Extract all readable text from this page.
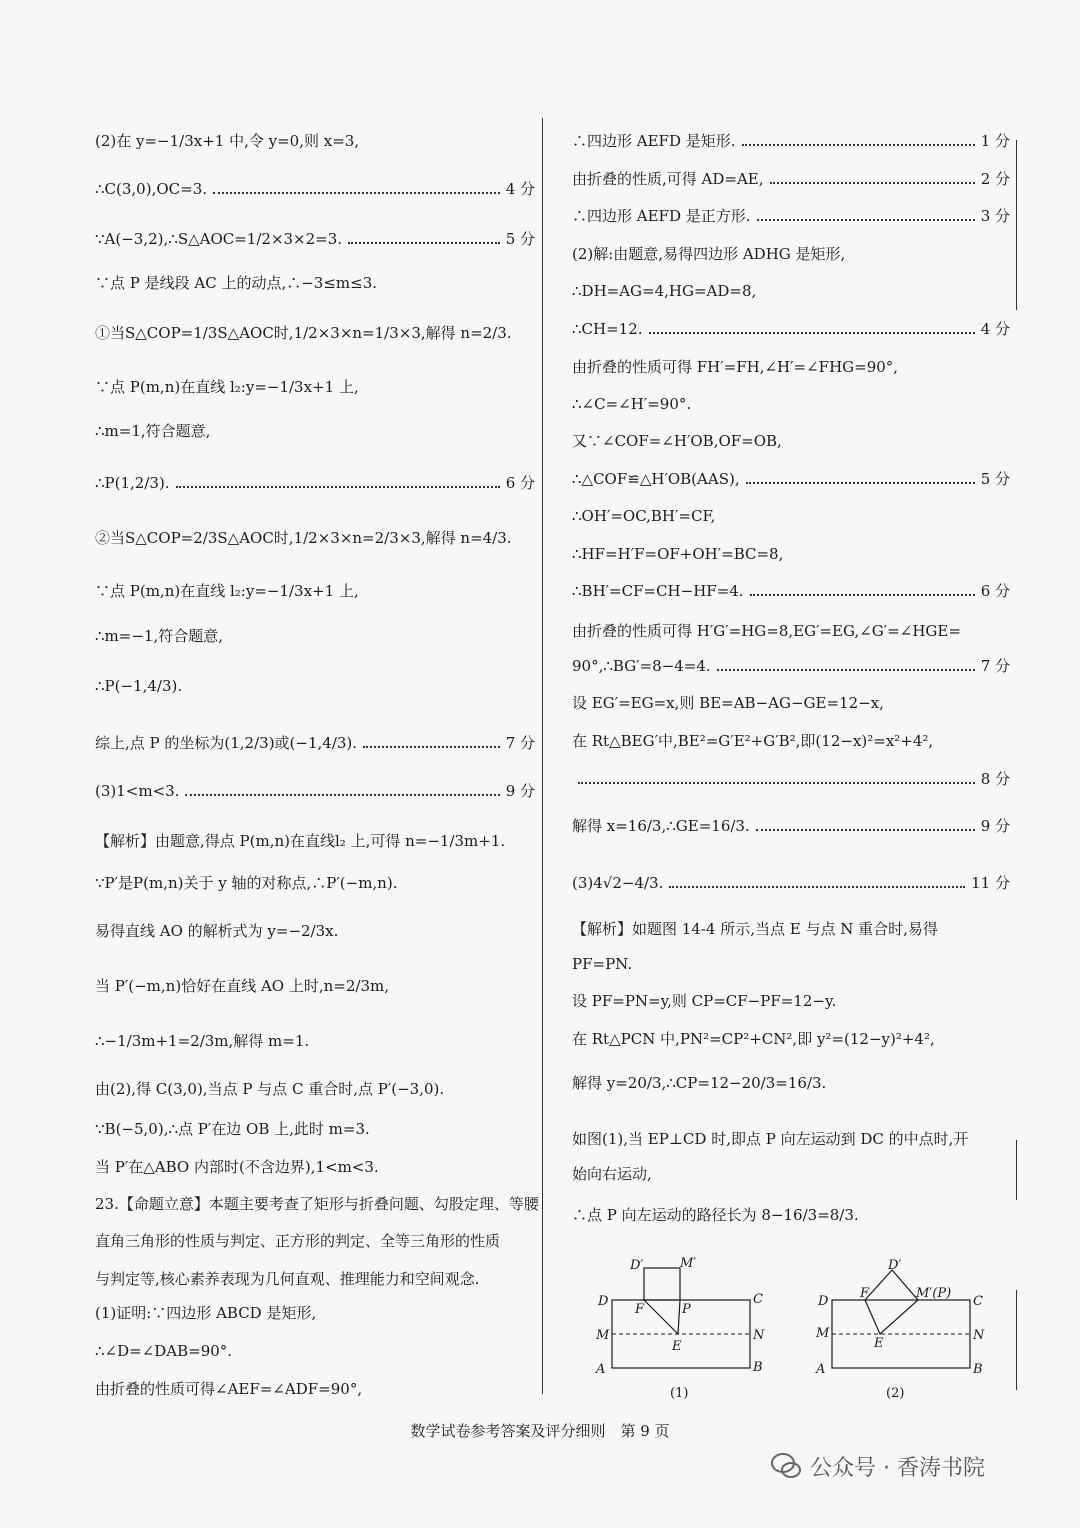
(2)在 y=−1/3x+1 中,令 y=0,则 x=3,
∴C(3,0),OC=3.	4 分
∵A(−3,2),∴S△AOC=1/2×3×2=3.	5 分
∵点 P 是线段 AC 上的动点,∴−3≤m≤3.
①当S△COP=1/3S△AOC时,1/2×3×n=1/3×3,解得 n=2/3.
∵点 P(m,n)在直线 l₂:y=−1/3x+1 上,
∴m=1,符合题意,
∴P(1,2/3).	6 分
②当S△COP=2/3S△AOC时,1/2×3×n=2/3×3,解得 n=4/3.
∵点 P(m,n)在直线 l₂:y=−1/3x+1 上,
∴m=−1,符合题意,
∴P(−1,4/3).
综上,点 P 的坐标为(1,2/3)或(−1,4/3).	7 分
(3)1<m<3.	9 分
【解析】由题意,得点 P(m,n)在直线l₂ 上,可得 n=−1/3m+1.
∵P′是P(m,n)关于 y 轴的对称点,∴P′(−m,n).
易得直线 AO 的解析式为 y=−2/3x.
当 P′(−m,n)恰好在直线 AO 上时,n=2/3m,
∴−1/3m+1=2/3m,解得 m=1.
由(2),得 C(3,0),当点 P 与点 C 重合时,点 P′(−3,0).
∵B(−5,0),∴点 P′在边 OB 上,此时 m=3.
当 P′在△ABO 内部时(不含边界),1<m<3.
23.【命题立意】本题主要考查了矩形与折叠问题、勾股定理、等腰
直角三角形的性质与判定、正方形的判定、全等三角形的性质
与判定等,核心素养表现为几何直观、推理能力和空间观念.
(1)证明:∵四边形 ABCD 是矩形,
∴∠D=∠DAB=90°.
由折叠的性质可得∠AEF=∠ADF=90°,
∴四边形 AEFD 是矩形.	1 分
由折叠的性质,可得 AD=AE,	2 分
∴四边形 AEFD 是正方形.	3 分
(2)解:由题意,易得四边形 ADHG 是矩形,
∴DH=AG=4,HG=AD=8,
∴CH=12.	4 分
由折叠的性质可得 FH′=FH,∠H′=∠FHG=90°,
∴∠C=∠H′=90°.
又∵∠COF=∠H′OB,OF=OB,
∴△COF≌△H′OB(AAS),	5 分
∴OH′=OC,BH′=CF,
∴HF=H′F=OF+OH′=BC=8,
∴BH′=CF=CH−HF=4.	6 分
由折叠的性质可得 H′G′=HG=8,EG′=EG,∠G′=∠HGE=
90°,∴BG′=8−4=4.	7 分
设 EG′=EG=x,则 BE=AB−AG−GE=12−x,
在 Rt△BEG′中,BE²=G′E²+G′B²,即(12−x)²=x²+4²,
8 分
解得 x=16/3,∴GE=16/3.	9 分
(3)4√2−4/3.	11 分
【解析】如题图 14-4 所示,当点 E 与点 N 重合时,易得
PF=PN.
设 PF=PN=y,则 CP=CF−PF=12−y.
在 Rt△PCN 中,PN²=CP²+CN²,即 y²=(12−y)²+4²,
解得 y=20/3,∴CP=12−20/3=16/3.
如图(1),当 EP⊥CD 时,即点 P 向左运动到 DC 的中点时,开
始向右运动,
∴点 P 向左运动的路径长为 8−16/3=8/3.
D′	M′
D	C
F	P
M	N
E
A	B
(1)
D′
F	M′(P)
D	C
M	N
E
A	B
(2)
数学试卷参考答案及评分细则　第 9 页
公众号 · 香涛书院
